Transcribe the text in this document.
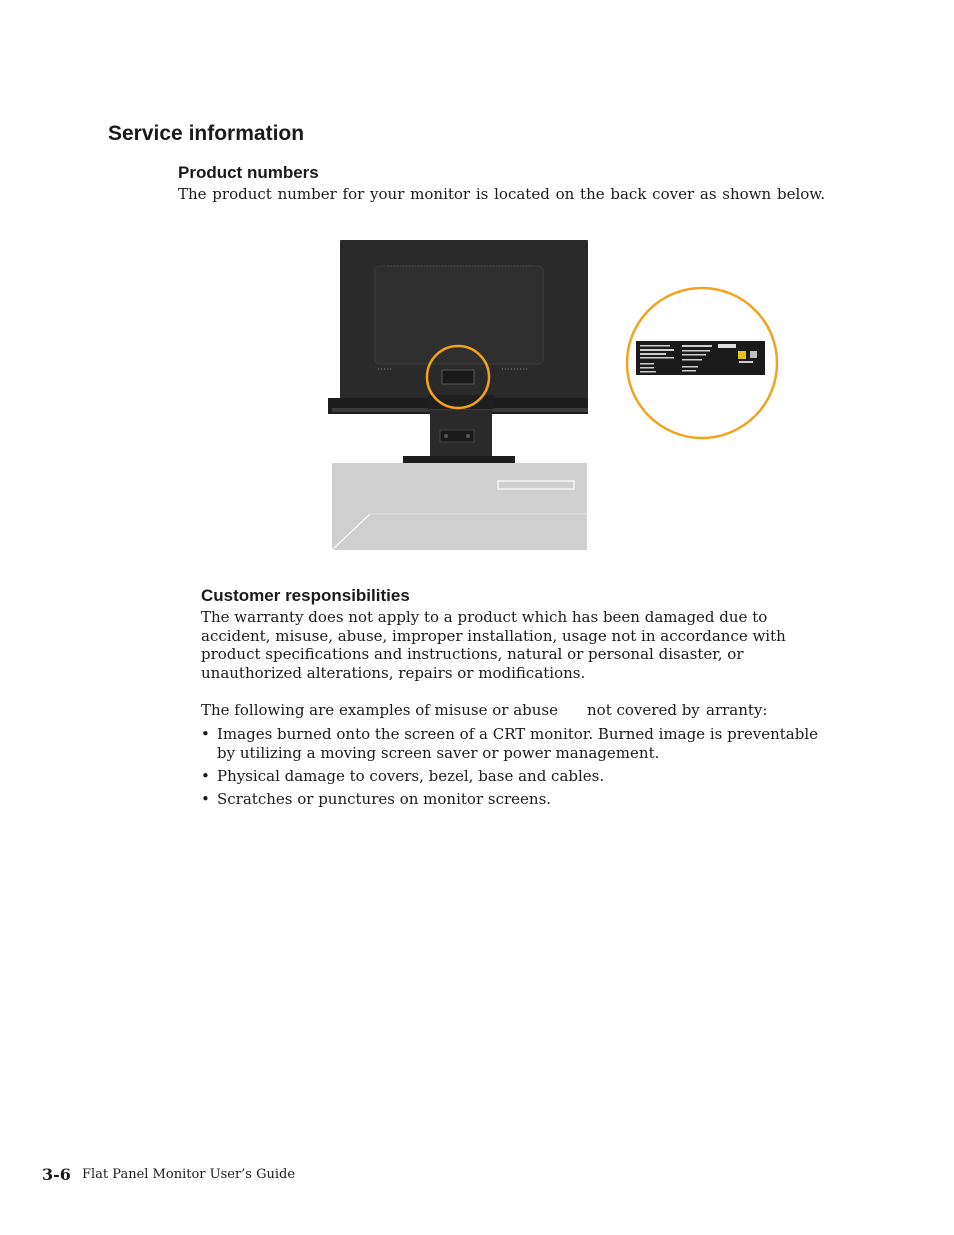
Service information
Product numbers

The product number for your monitor is located on the back cover as shown below.

Customer responsibilities

The warranty does not apply to a product which has been damaged due to

accident, misuse, abuse, improper installation, usage not in accordance with

product specifications and instructions, natural or personal disaster, or

unauthorized alterations, repairs or modifications.

The following are examples of misuse or abuse not covered by arranty:

• Images burned onto the screen of a CRT monitor. Burned image is preventable
by utilizing a moving screen saver or power management.
• Physical damage to covers, bezel, base and cables.
• Scratches or punctures on monitor screens.
3-6 Flat Panel Monitor User’s Guide
